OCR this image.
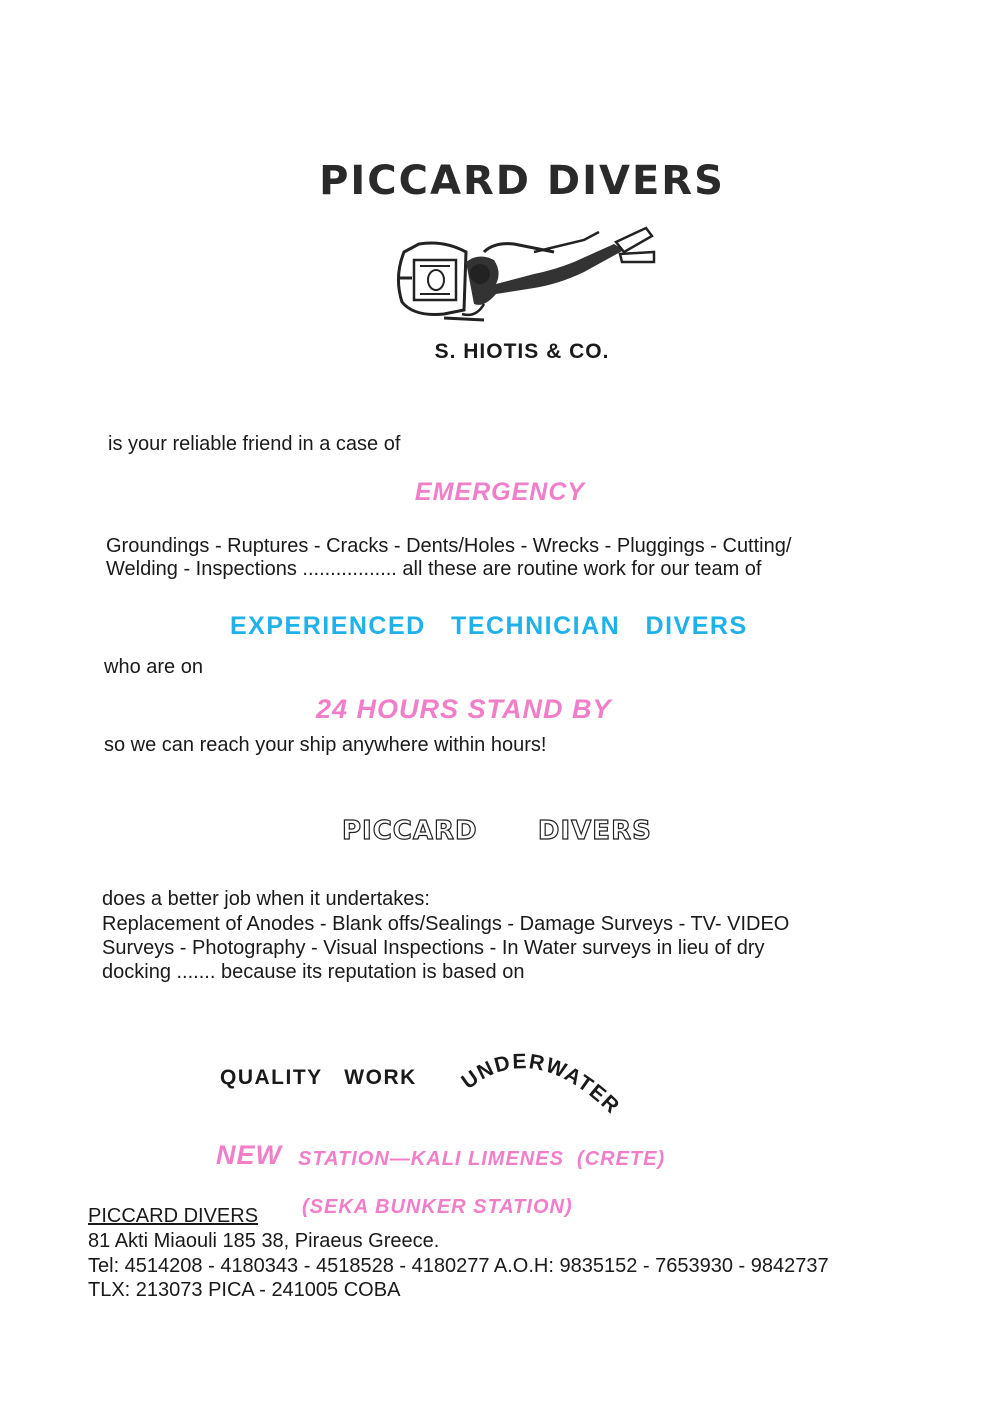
PICCARD DIVERS
S. HIOTIS & CO.
is your reliable friend in a case of
EMERGENCY
Groundings - Ruptures - Cracks - Dents/Holes - Wrecks - Pluggings - Cutting/
Welding - Inspections ................. all these are routine work for our team of
EXPERIENCED   TECHNICIAN   DIVERS
who are on
24 HOURS STAND BY
so we can reach your ship anywhere within hours!
PICCARD      DIVERS
does a better job when it undertakes:
Replacement of Anodes - Blank offs/Sealings - Damage Surveys - TV- VIDEO
Surveys - Photography - Visual Inspections - In Water surveys in lieu of dry
docking ....... because its reputation is based on
QUALITY   WORK UNDERWATER
NEW STATION—KALI LIMENES  (CRETE)
(SEKA BUNKER STATION)
PICCARD DIVERS
81 Akti Miaouli 185 38, Piraeus Greece.
Tel: 4514208 - 4180343 - 4518528 - 4180277 A.O.H: 9835152 - 7653930 - 9842737
TLX: 213073 PICA - 241005 COBA
